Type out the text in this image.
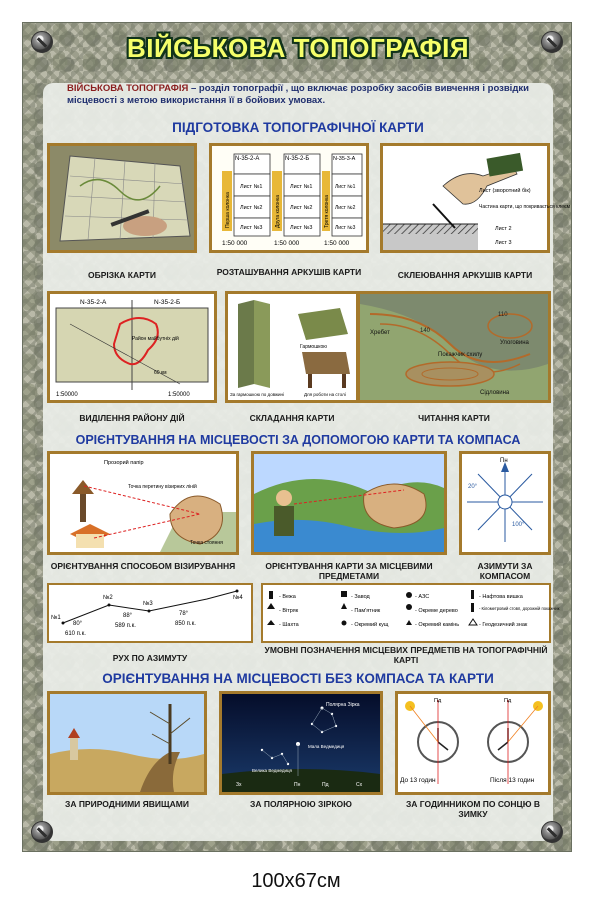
ВІЙСЬКОВА ТОПОГРАФІЯ
ВІЙСЬКОВА ТОПОГРАФІЯ – розділ топографії , що включає розробку засобів вивчення і розвідки місцевості з метою використання її в бойових умовах.
ПІДГОТОВКА ТОПОГРАФІЧНОЇ КАРТИ
ОБРІЗКА КАРТИ
N-35-2-А	N-35-2-Б	N-35-3-А
Лист №1
Лист №2
Лист №3
Лист №1
Лист №2
Лист №3
Лист №1
Лист №2
Лист №3
Перша колонка	Друга колонка	Третя колонка
1:50 000	1:50 000	1:50 000
РОЗТАШУВАННЯ АРКУШІВ КАРТИ
Лист (зворотний бік)
Частина карти, що покривається клеєм
Лист 2
Лист 3
СКЛЕЮВАННЯ АРКУШІВ КАРТИ
N-35-2-А	N-35-2-Б
Район майбутніх дій
60 км
1:50000	1:50000
ВИДІЛЕННЯ РАЙОНУ ДІЙ
Гармошкою
За гармошкою по довжині	Для роботи на столі
СКЛАДАННЯ КАРТИ
140
110
Хребет
Улоговина
Покажчик схилу
Сідловина
ЧИТАННЯ КАРТИ
ОРІЄНТУВАННЯ НА МІСЦЕВОСТІ ЗА ДОПОМОГОЮ КАРТИ ТА КОМПАСА
Прозорий папір
Точка перетину візирних ліній
Точка стояння
ОРІЄНТУВАННЯ СПОСОБОМ ВІЗИРУВАННЯ	ОРІЄНТУВАННЯ КАРТИ ЗА МІСЦЕВИМИ ПРЕДМЕТАМИ
Пн
20°
100°
АЗИМУТИ ЗА КОМПАСОМ
№1
№2
№3
№4
80°
88°	78°
610 п.к.
589 п.к.	850 п.к.
РУХ ПО АЗИМУТУ
- Вежа	- Завод	- АЗС	- Нафтова вишка
- Вітряк	- Пам'ятник	- Окреме дерево	- Кілометровий стовп, дорожній покажчик
- Шахта	- Окремий кущ	- Окремий камінь	- Геодезичний знак
УМОВНІ ПОЗНАЧЕННЯ МІСЦЕВИХ ПРЕДМЕТІВ НА ТОПОГРАФІЧНІЙ КАРТІ
ОРІЄНТУВАННЯ НА МІСЦЕВОСТІ БЕЗ КОМПАСА ТА КАРТИ
ЗА ПРИРОДНИМИ ЯВИЩАМИ
Полярна Зірка
Мала Ведмедиця
Велика Ведмедиця
Пн
Зх	Сх
Пд
ЗА ПОЛЯРНОЮ ЗІРКОЮ
Пд	Пд
До 13 годин	Після 13 годин
ЗА ГОДИННИКОМ ПО СОНЦЮ В ЗИМКУ
100x67см
